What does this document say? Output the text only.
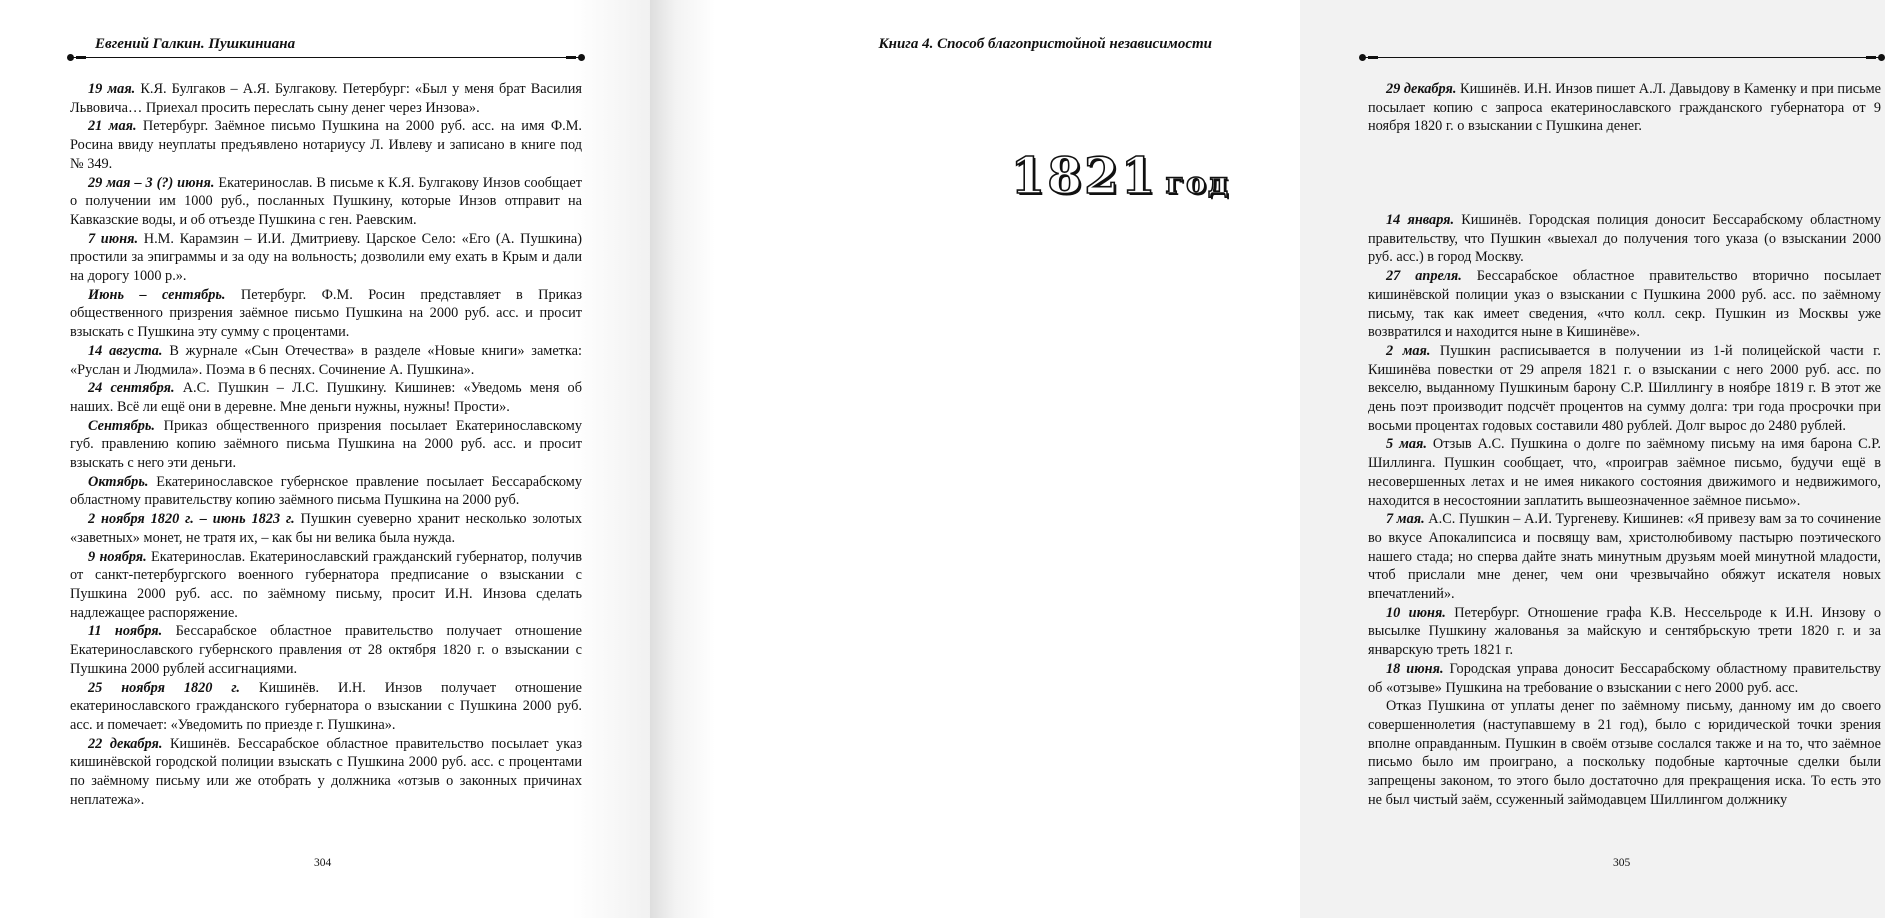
Евгений Галкин. Пушкиниана

19 мая. К.Я. Булгаков – А.Я. Булгакову. Петербург: «Был у меня брат Василия Львовича… Приехал просить переслать сыну денег через Инзова».

21 мая. Петербург. Заёмное письмо Пушкина на 2000 руб. асс. на имя Ф.М. Росина ввиду неуплаты предъявлено нотариусу Л. Ивлеву и записано в книге под № 349.

29 мая – 3 (?) июня. Екатеринослав. В письме к К.Я. Булгакову Инзов сообщает о получении им 1000 руб., посланных Пушкину, которые Инзов отправит на Кавказские воды, и об отъезде Пушкина с ген. Раевским.

7 июня. Н.М. Карамзин – И.И. Дмитриеву. Царское Село: «Его (А. Пушкина) простили за эпиграммы и за оду на вольность; дозволили ему ехать в Крым и дали на дорогу 1000 р.».

Июнь – сентябрь. Петербург. Ф.М. Росин представляет в Приказ общественного призрения заёмное письмо Пушкина на 2000 руб. асс. и просит взыскать с Пушкина эту сумму с процентами.

14 августа. В журнале «Сын Отечества» в разделе «Новые книги» заметка: «Руслан и Людмила». Поэма в 6 песнях. Сочинение А. Пушкина».

24 сентября. А.С. Пушкин – Л.С. Пушкину. Кишинев: «Уведомь меня об наших. Всё ли ещё они в деревне. Мне деньги нужны, нужны! Прости».

Сентябрь. Приказ общественного призрения посылает Екатеринославскому губ. правлению копию заёмного письма Пушкина на 2000 руб. асс. и просит взыскать с него эти деньги.

Октябрь. Екатеринославское губернское правление посылает Бессарабскому областному правительству копию заёмного письма Пушкина на 2000 руб.

2 ноября 1820 г. – июнь 1823 г. Пушкин суеверно хранит несколько золотых «заветных» монет, не тратя их, – как бы ни велика была нужда.

9 ноября. Екатеринослав. Екатеринославский гражданский губернатор, получив от санкт-петербургского военного губернатора предписание о взыскании с Пушкина 2000 руб. асс. по заёмному письму, просит И.Н. Инзова сделать надлежащее распоряжение.

11 ноября. Бессарабское областное правительство получает отношение Екатеринославского губернского правления от 28 октября 1820 г. о взыскании с Пушкина 2000 рублей ассигнациями.

25 ноября 1820 г. Кишинёв. И.Н. Инзов получает отношение екатеринославского гражданского губернатора о взыскании с Пушкина 2000 руб. асс. и помечает: «Уведомить по приезде г. Пушкина».

22 декабря. Кишинёв. Бессарабское областное правительство посылает указ кишинёвской городской полиции взыскать с Пушкина 2000 руб. асс. с процентами по заёмному письму или же отобрать у должника «отзыв о законных причинах неплатежа».

304
Книга 4. Способ благопристойной независимости

29 декабря. Кишинёв. И.Н. Инзов пишет А.Л. Давыдову в Каменку и при письме посылает копию с запроса екатеринославского гражданского губернатора от 9 ноября 1820 г. о взыскании с Пушкина денег.

1821 год

14 января. Кишинёв. Городская полиция доносит Бессарабскому областному правительству, что Пушкин «выехал до получения того указа (о взыскании 2000 руб. асс.) в город Москву.

27 апреля. Бессарабское областное правительство вторично посылает кишинёвской полиции указ о взыскании с Пушкина 2000 руб. асс. по заёмному письму, так как имеет сведения, «что колл. секр. Пушкин из Москвы уже возвратился и находится ныне в Кишинёве».

2 мая. Пушкин расписывается в получении из 1-й полицейской части г. Кишинёва повестки от 29 апреля 1821 г. о взыскании с него 2000 руб. асс. по векселю, выданному Пушкиным барону С.Р. Шиллингу в ноябре 1819 г. В этот же день поэт производит подсчёт процентов на сумму долга: три года просрочки при восьми процентах годовых составили 480 рублей. Долг вырос до 2480 рублей.

5 мая. Отзыв А.С. Пушкина о долге по заёмному письму на имя барона С.Р. Шиллинга. Пушкин сообщает, что, «проиграв заёмное письмо, будучи ещё в несовершенных летах и не имея никакого состояния движимого и недвижимого, находится в несостоянии заплатить вышеозначенное заёмное письмо».

7 мая. А.С. Пушкин – А.И. Тургеневу. Кишинев: «Я привезу вам за то сочинение во вкусе Апокалипсиса и посвящу вам, христолюбивому пастырю поэтического нашего стада; но сперва дайте знать минутным друзьям моей минутной младости, чтоб прислали мне денег, чем они чрезвычайно обяжут искателя новых впечатлений».

10 июня. Петербург. Отношение графа К.В. Нессельроде к И.Н. Инзову о высылке Пушкину жалованья за майскую и сентябрьскую трети 1820 г. и за январскую треть 1821 г.

18 июня. Городская управа доносит Бессарабскому областному правительству об «отзыве» Пушкина на требование о взыскании с него 2000 руб. асс.

Отказ Пушкина от уплаты денег по заёмному письму, данному им до своего совершеннолетия (наступавшему в 21 год), было с юридической точки зрения вполне оправданным. Пушкин в своём отзыве сослался также и на то, что заёмное письмо было им проиграно, а поскольку подобные карточные сделки были запрещены законом, то этого было достаточно для прекращения иска. То есть это не был чистый заём, ссуженный займодавцем Шиллингом должнику

305
